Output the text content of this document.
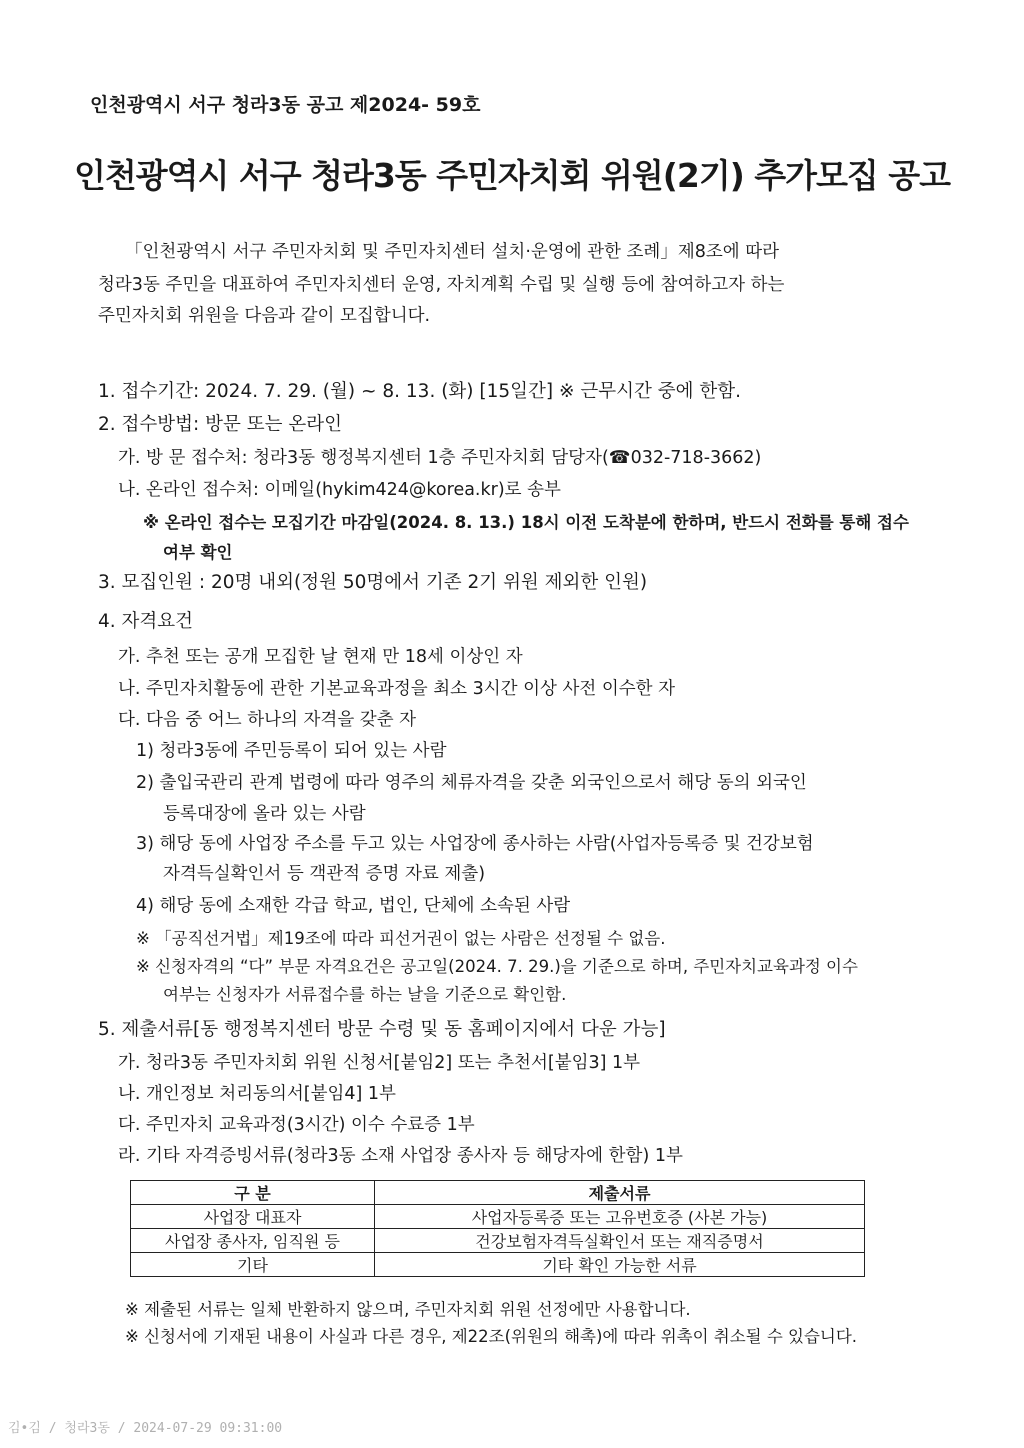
인천광역시 서구 청라3동 공고 제2024- 59호
인천광역시 서구 청라3동 주민자치회 위원(2기) 추가모집 공고
「인천광역시 서구 주민자치회 및 주민자치센터 설치·운영에 관한 조례」제8조에 따라
청라3동 주민을 대표하여 주민자치센터 운영, 자치계획 수립 및 실행 등에 참여하고자 하는
주민자치회 위원을 다음과 같이 모집합니다.
1. 접수기간: 2024. 7. 29. (월) ~ 8. 13. (화) [15일간] ※ 근무시간 중에 한함.
2. 접수방법: 방문 또는 온라인
가. 방 문 접수처: 청라3동 행정복지센터 1층 주민자치회 담당자(☎032-718-3662)
나. 온라인 접수처: 이메일(hykim424@korea.kr)로 송부
※ 온라인 접수는 모집기간 마감일(2024. 8. 13.) 18시 이전 도착분에 한하며, 반드시 전화를 통해 접수
여부 확인
3. 모집인원 : 20명 내외(정원 50명에서 기존 2기 위원 제외한 인원)
4. 자격요건
가. 추천 또는 공개 모집한 날 현재 만 18세 이상인 자
나. 주민자치활동에 관한 기본교육과정을 최소 3시간 이상 사전 이수한 자
다. 다음 중 어느 하나의 자격을 갖춘 자
1) 청라3동에 주민등록이 되어 있는 사람
2) 출입국관리 관계 법령에 따라 영주의 체류자격을 갖춘 외국인으로서 해당 동의 외국인
등록대장에 올라 있는 사람
3) 해당 동에 사업장 주소를 두고 있는 사업장에 종사하는 사람(사업자등록증 및 건강보험
자격득실확인서 등 객관적 증명 자료 제출)
4) 해당 동에 소재한 각급 학교, 법인, 단체에 소속된 사람
※ 「공직선거법」제19조에 따라 피선거권이 없는 사람은 선정될 수 없음.
※ 신청자격의 “다” 부문 자격요건은 공고일(2024. 7. 29.)을 기준으로 하며, 주민자치교육과정 이수
여부는 신청자가 서류접수를 하는 날을 기준으로 확인함.
5. 제출서류[동 행정복지센터 방문 수령 및 동 홈페이지에서 다운 가능]
가. 청라3동 주민자치회 위원 신청서[붙임2] 또는 추천서[붙임3] 1부
나. 개인정보 처리동의서[붙임4] 1부
다. 주민자치 교육과정(3시간) 이수 수료증 1부
라. 기타 자격증빙서류(청라3동 소재 사업장 종사자 등 해당자에 한함) 1부
구 분	제출서류
사업장 대표자	사업자등록증 또는 고유번호증 (사본 가능)
사업장 종사자, 임직원 등	건강보험자격득실확인서 또는 재직증명서
기타	기타 확인 가능한 서류
※ 제출된 서류는 일체 반환하지 않으며, 주민자치회 위원 선정에만 사용합니다.
※ 신청서에 기재된 내용이 사실과 다른 경우, 제22조(위원의 해촉)에 따라 위촉이 취소될 수 있습니다.
김•김 / 청라3동 / 2024-07-29 09:31:00
